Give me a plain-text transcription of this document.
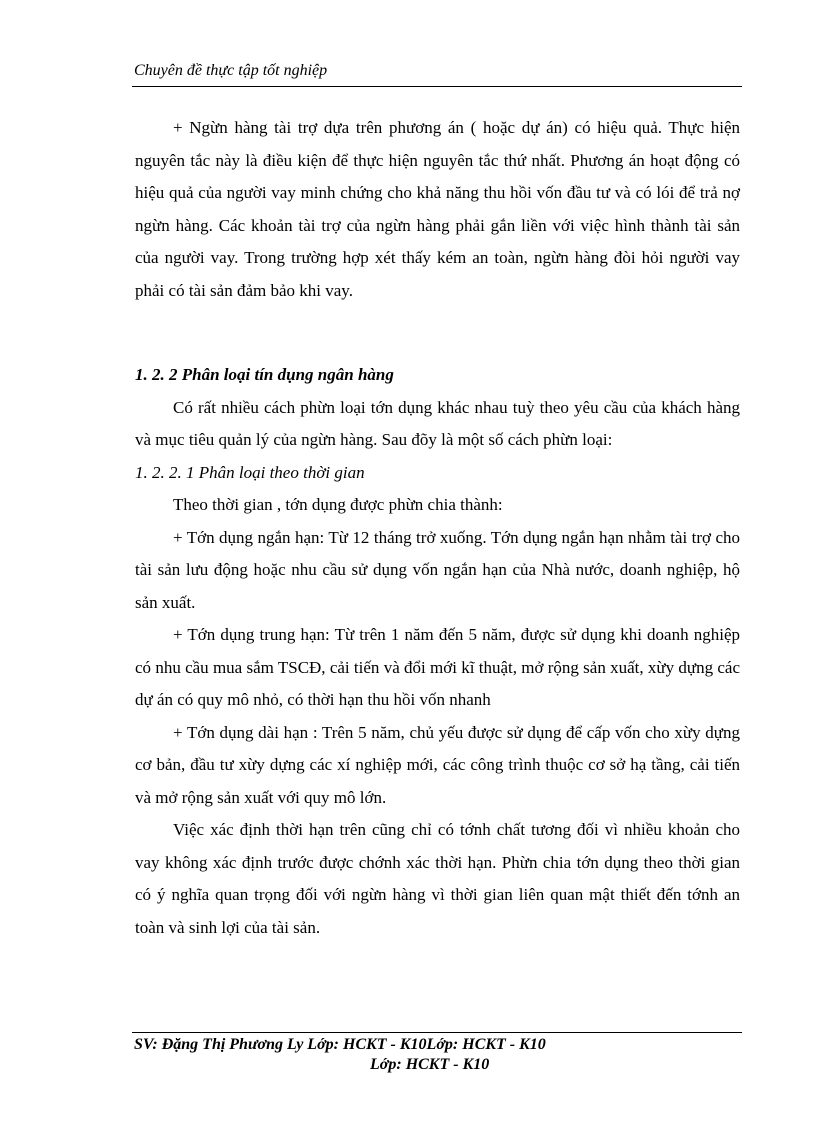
Chuyên đề thực tập tốt nghiệp

+ Ngừn hàng tài trợ dựa trên phương án ( hoặc dự án) có hiệu quả. Thực hiện nguyên tắc này là điều kiện để thực hiện nguyên tắc thứ nhất. Phương án hoạt động có hiệu quả của người vay minh chứng cho khả năng thu hồi vốn đầu tư và có lói để trả nợ ngừn hàng. Các khoản tài trợ của ngừn hàng phải gắn liền với việc hình thành tài sản của người vay. Trong trường hợp xét thấy kém an toàn, ngừn hàng đòi hỏi người vay phải có tài sản đảm bảo khi vay.

1. 2. 2 Phân loại tín dụng ngân hàng

Có rất nhiều cách phừn loại tớn dụng khác nhau tuỳ theo yêu cầu của khách hàng và mục tiêu quản lý của ngừn hàng. Sau đõy là một số cách phừn loại:

1. 2. 2. 1 Phân loại theo thời gian

Theo thời gian , tớn dụng được phừn chia thành:

+ Tớn dụng ngắn hạn: Từ 12 tháng trở xuống. Tớn dụng ngắn hạn nhằm tài trợ cho tài sản lưu động hoặc nhu cầu sử dụng vốn ngắn hạn của Nhà nước, doanh nghiệp, hộ sản xuất.

+ Tớn dụng trung hạn: Từ trên 1 năm đến 5 năm, được sử dụng khi doanh nghiệp có nhu cầu mua sắm TSCĐ, cải tiến và đổi mới kĩ thuật, mở rộng sản xuất, xừy dựng các dự án có quy mô nhỏ, có thời hạn thu hồi vốn nhanh

+ Tớn dụng dài hạn : Trên 5 năm, chủ yếu được sử dụng để cấp vốn cho xừy dựng cơ bản, đầu tư xừy dựng các xí nghiệp mới, các công trình thuộc cơ sở hạ tầng, cải tiến và mở rộng sản xuất với quy mô lớn.

Việc xác định thời hạn trên cũng chỉ có tớnh chất tương đối vì nhiều khoản cho vay không xác định trước được chớnh xác thời hạn. Phừn chia tớn dụng theo thời gian có ý nghĩa quan trọng đối với ngừn hàng vì thời gian liên quan mật thiết đến tớnh an toàn và sinh lợi của tài sản.

SV: Đặng Thị Phương Ly Lớp: HCKT - K10Lớp: HCKT - K10
Lớp: HCKT - K10
